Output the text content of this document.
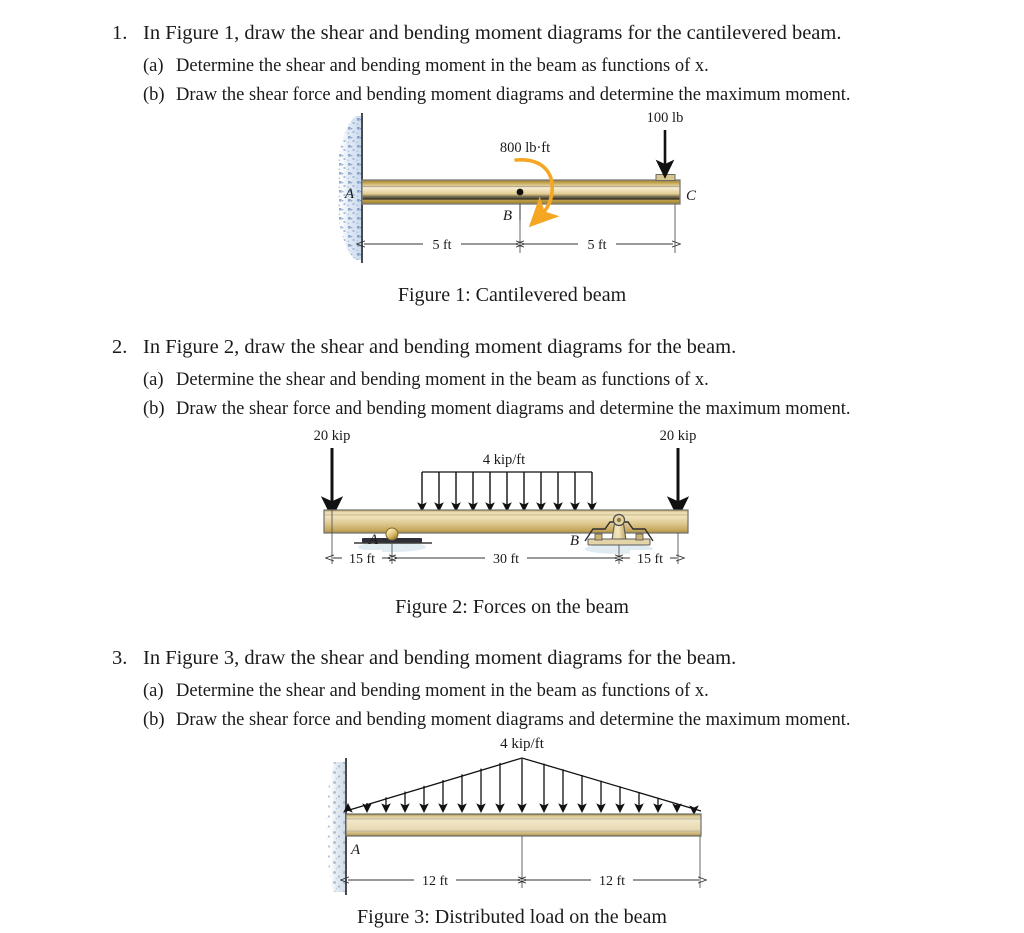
1. In Figure 1, draw the shear and bending moment diagrams for the cantilevered beam.
(a) Determine the shear and bending moment in the beam as functions of x.
(b) Draw the shear force and bending moment diagrams and determine the maximum moment.
100 lb
800 lb·ft
A
B
C
5 ft	5 ft
Figure 1: Cantilevered beam
2. In Figure 2, draw the shear and bending moment diagrams for the beam.
(a) Determine the shear and bending moment in the beam as functions of x.
(b) Draw the shear force and bending moment diagrams and determine the maximum moment.
20 kip	20 kip
4 kip/ft
A	B
15 ft	30 ft	15 ft
Figure 2: Forces on the beam
3. In Figure 3, draw the shear and bending moment diagrams for the beam.
(a) Determine the shear and bending moment in the beam as functions of x.
(b) Draw the shear force and bending moment diagrams and determine the maximum moment.
4 kip/ft
A
12 ft	12 ft
Figure 3: Distributed load on the beam
